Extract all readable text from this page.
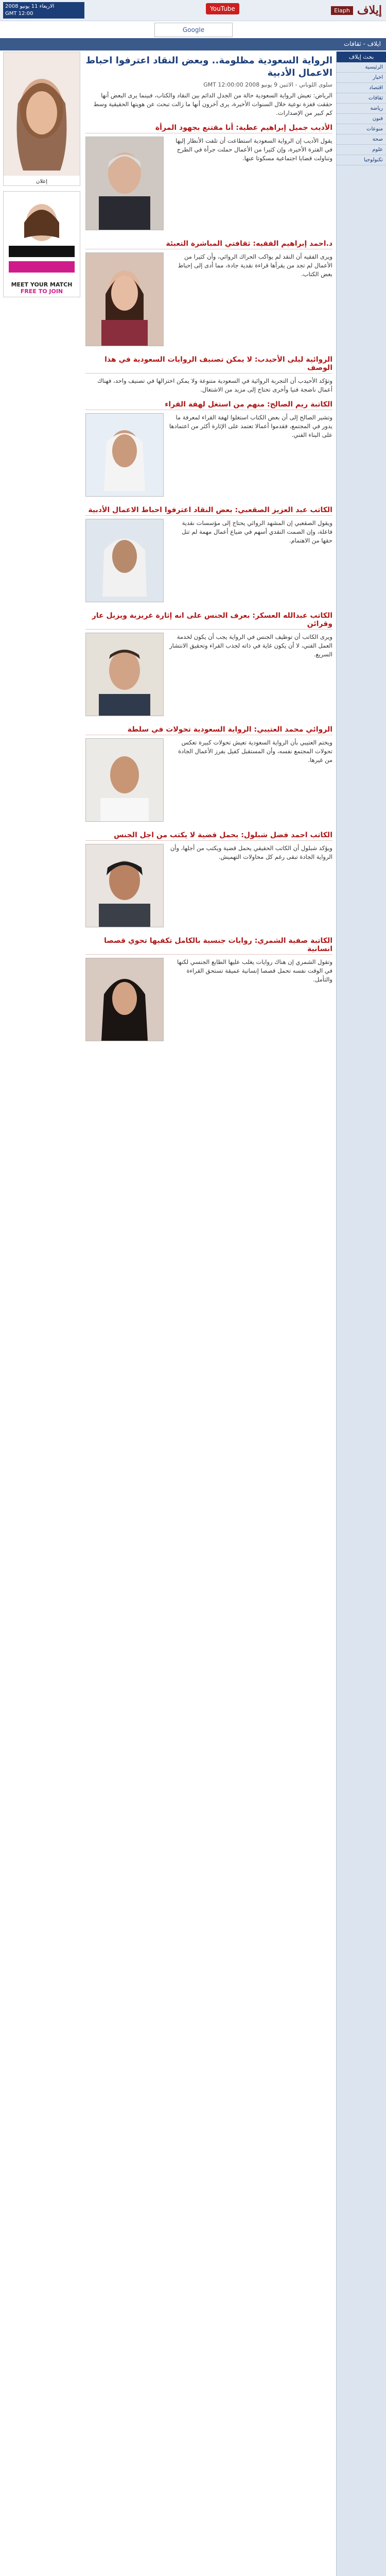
الاربعاء 11 يونيو 2008
GMT 12:00
YouTube	Elaph إيلاف
Google
ايلاف - ثقافات
بحث إيلاف
الرئيسية
اخبار
اقتصاد
ثقافات
رياضة
فنون
منوعات
صحة
علوم
تكنولوجيا
إعلان
MEET YOUR MATCH
FREE TO JOIN
الرواية السعودية مظلومة.. وبعض النقاد اعترفوا احباط الاعمال الأدبية
سلوى اللوباني - الاثنين 9 يونيو 2008 GMT 12:00:00

الرياض: تعيش الرواية السعودية حالة من الجدل الدائم بين النقاد والكتاب، فبينما يرى البعض أنها حققت قفزة نوعية خلال السنوات الأخيرة، يرى آخرون أنها ما زالت تبحث عن هويتها الحقيقية وسط كم كبير من الإصدارات.

الأديب جميل إبراهيم عطية: أنا مقتنع بجهود المرأة

يقول الأديب إن الرواية السعودية استطاعت أن تلفت الأنظار إليها في الفترة الأخيرة، وإن كثيرا من الأعمال حملت جرأة في الطرح وتناولت قضايا اجتماعية مسكوتا عنها.

د.احمد إبراهيم الفقيه: ثقافتي المباشرة التعبئة

ويرى الفقيه أن النقد لم يواكب الحراك الروائي، وأن كثيرا من الأعمال لم تجد من يقرأها قراءة نقدية جادة، مما أدى إلى إحباط بعض الكتاب.

الروائية ليلى الأحيدب: لا يمكن تصنيف الروايات السعودية في هذا الوصف

وتؤكد الأحيدب أن التجربة الروائية في السعودية متنوعة ولا يمكن اختزالها في تصنيف واحد، فهناك أعمال ناضجة فنيا وأخرى تحتاج إلى مزيد من الاشتغال.

الكاتبة ريم الصالح: منهم من استغل لهفة القراء

وتشير الصالح إلى أن بعض الكتاب استغلوا لهفة القراء لمعرفة ما يدور في المجتمع، فقدموا أعمالا تعتمد على الإثارة أكثر من اعتمادها على البناء الفني.

الكاتب عبد العزيز الصقعبي: بعض النقاد اعترفوا احباط الاعمال الأدبية

ويقول الصقعبي إن المشهد الروائي يحتاج إلى مؤسسات نقدية فاعلة، وإن الصمت النقدي أسهم في ضياع أعمال مهمة لم تنل حقها من الاهتمام.

الكاتب عبدالله العسكر: بعرف الجنس على انه إثارة غريزية ويزيل عار وقرائن

ويرى الكاتب أن توظيف الجنس في الرواية يجب أن يكون لخدمة العمل الفني، لا أن يكون غاية في ذاته لجذب القراء وتحقيق الانتشار السريع.

الروائي محمد العتيبي: الرواية السعودية تحولات في سلطة

ويختم العتيبي بأن الرواية السعودية تعيش تحولات كبيرة تعكس تحولات المجتمع نفسه، وأن المستقبل كفيل بفرز الأعمال الجادة من غيرها.

الكاتب احمد فضل شبلول: بحمل قضية لا يكتب من اجل الجنس

ويؤكد شبلول أن الكاتب الحقيقي يحمل قضية ويكتب من أجلها، وأن الرواية الجادة تبقى رغم كل محاولات التهميش.

الكاتبة صفية الشمري: روايات جنسية بالكامل تكفيها تحوي قصصا انسانية

وتقول الشمري إن هناك روايات يغلب عليها الطابع الجنسي لكنها في الوقت نفسه تحمل قصصا إنسانية عميقة تستحق القراءة والتأمل.
